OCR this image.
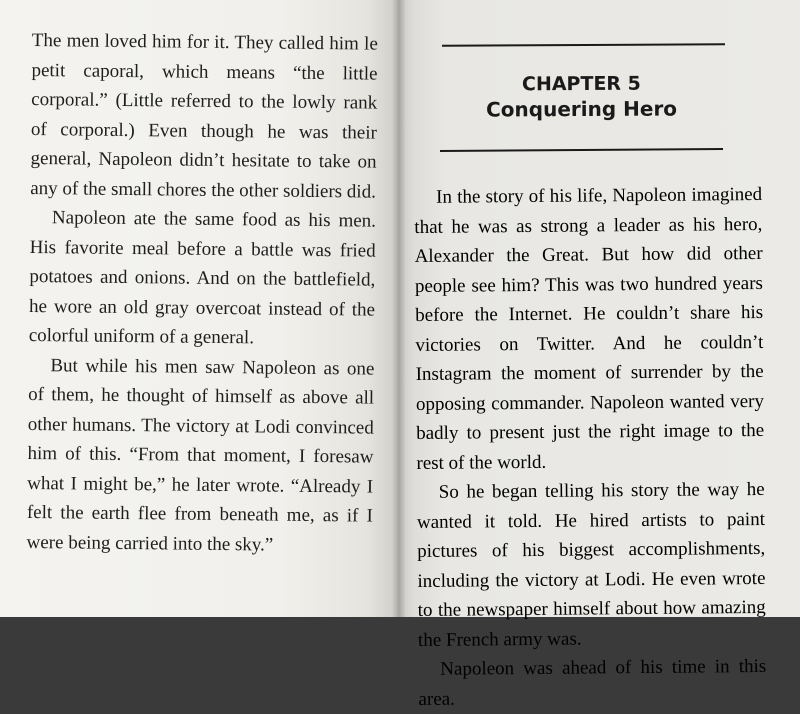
The men loved him for it. They called him le petit caporal, which means “the little corporal.” (Little referred to the lowly rank of corporal.) Even though he was their general, Napoleon didn’t hesitate to take on any of the small chores the other soldiers did.

Napoleon ate the same food as his men. His favorite meal before a battle was fried potatoes and onions. And on the battlefield, he wore an old gray overcoat instead of the colorful uniform of a general.

But while his men saw Napoleon as one of them, he thought of himself as above all other humans. The victory at Lodi convinced him of this. “From that moment, I foresaw what I might be,” he later wrote. “Already I felt the earth flee from beneath me, as if I were being carried into the sky.”

CHAPTER 5
Conquering Hero

In the story of his life, Napoleon imagined that he was as strong a leader as his hero, Alexander the Great. But how did other people see him? This was two hundred years before the Internet. He couldn’t share his victories on Twitter. And he couldn’t Instagram the moment of surrender by the opposing commander. Napoleon wanted very badly to present just the right image to the rest of the world.

So he began telling his story the way he wanted it told. He hired artists to paint pictures of his biggest accomplishments, including the victory at Lodi. He even wrote to the newspaper himself about how amazing the French army was.

Napoleon was ahead of his time in this area.
